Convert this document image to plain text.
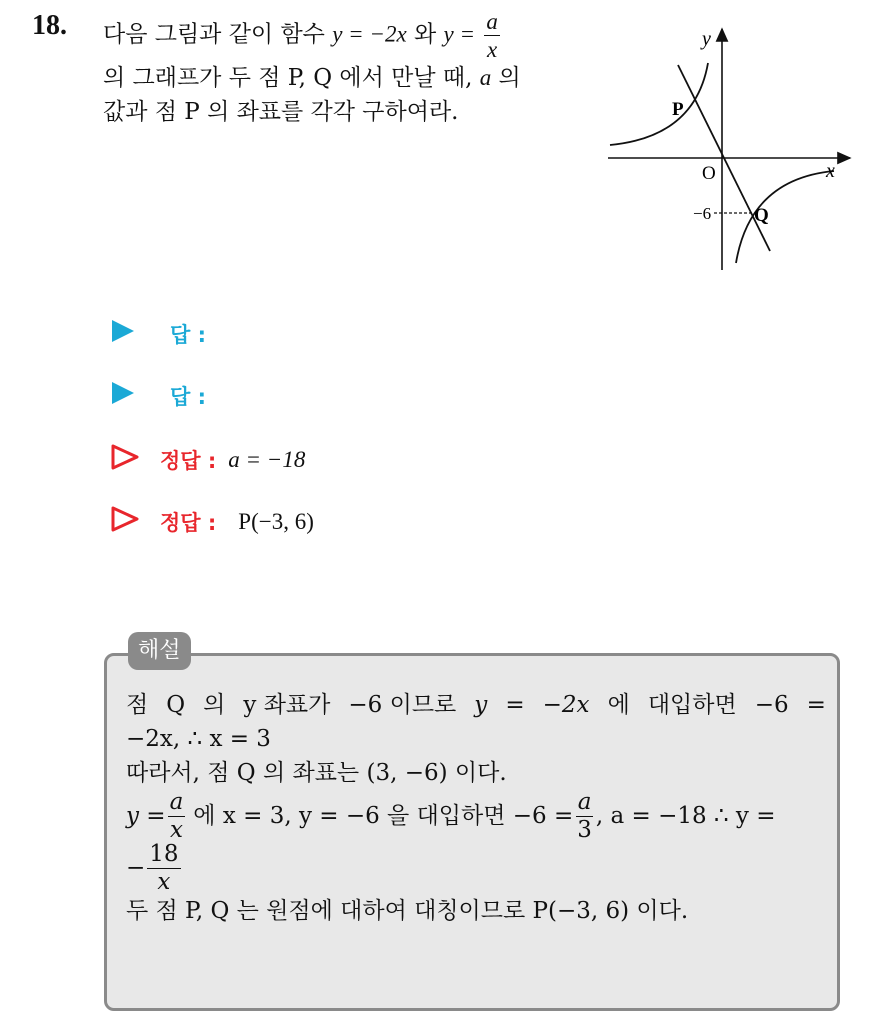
18. 다음 그림과 같이 함수 y = −2x 와 $y = \frac{a}{x}$
의 그래프가 두 점 P, Q 에서 만날 때, a 의
값과 점 P 의 좌표를 각각 구하여라.
y
x
O
P
Q
−6
답 :
답 :
정답 : a = −18
정답 : P(−3, 6)
해설
점 Q 의 y 좌표가 −6 이므로 y = −2x 에 대입하면 −6 =
−2x, ∴ x = 3
따라서, 점 Q 의 좌표는 (3, −6) 이다.
$y = \frac{a}{x}$ 에 x = 3, y = −6 을 대입하면 $-6 = \frac{a}{3}$ , a = −18 ∴ y =
− $\frac{18}{x}$
두 점 P, Q 는 원점에 대하여 대칭이므로 P(−3, 6) 이다.
